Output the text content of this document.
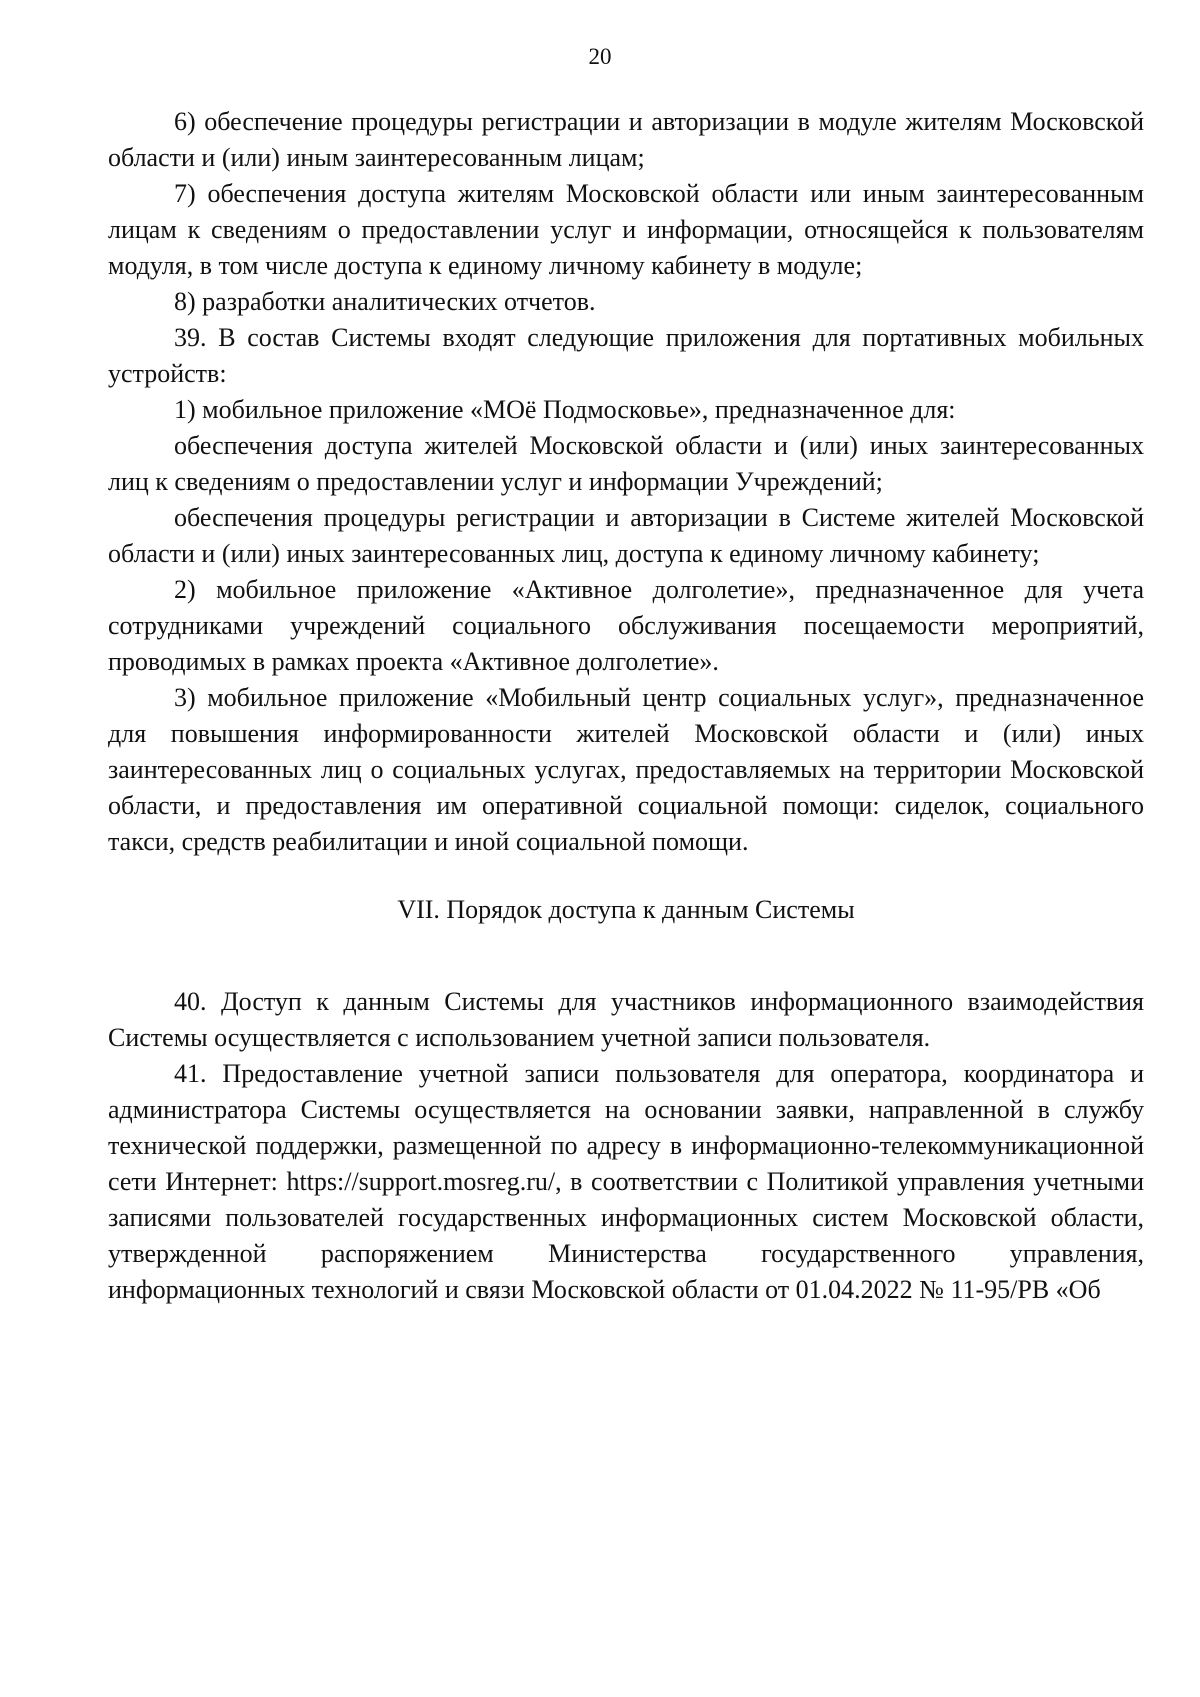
20

6) обеспечение процедуры регистрации и авторизации в модуле жителям Московской области и (или) иным заинтересованным лицам;

7) обеспечения доступа жителям Московской области или иным заинтересованным лицам к сведениям о предоставлении услуг и информации, относящейся к пользователям модуля, в том числе доступа к единому личному кабинету в модуле;

8) разработки аналитических отчетов.

39. В состав Системы входят следующие приложения для портативных мобильных устройств:

1) мобильное приложение «МОё Подмосковье», предназначенное для:

обеспечения доступа жителей Московской области и (или) иных заинтересованных лиц к сведениям о предоставлении услуг и информации Учреждений;

обеспечения процедуры регистрации и авторизации в Системе жителей Московской области и (или) иных заинтересованных лиц, доступа к единому личному кабинету;

2) мобильное приложение «Активное долголетие», предназначенное для учета сотрудниками учреждений социального обслуживания посещаемости мероприятий, проводимых в рамках проекта «Активное долголетие».

3) мобильное приложение «Мобильный центр социальных услуг», предназначенное для повышения информированности жителей Московской области и (или) иных заинтересованных лиц о социальных услугах, предоставляемых на территории Московской области, и предоставления им оперативной социальной помощи: сиделок, социального такси, средств реабилитации и иной социальной помощи.

VII. Порядок доступа к данным Системы

40. Доступ к данным Системы для участников информационного взаимодействия Системы осуществляется с использованием учетной записи пользователя.

41. Предоставление учетной записи пользователя для оператора, координатора и администратора Системы осуществляется на основании заявки, направленной в службу технической поддержки, размещенной по адресу в информационно-телекоммуникационной сети Интернет: https://support.mosreg.ru/, в соответствии с Политикой управления учетными записями пользователей государственных информационных систем Московской области, утвержденной распоряжением Министерства государственного управления, информационных технологий и связи Московской области от 01.04.2022 № 11-95/РВ «Об
